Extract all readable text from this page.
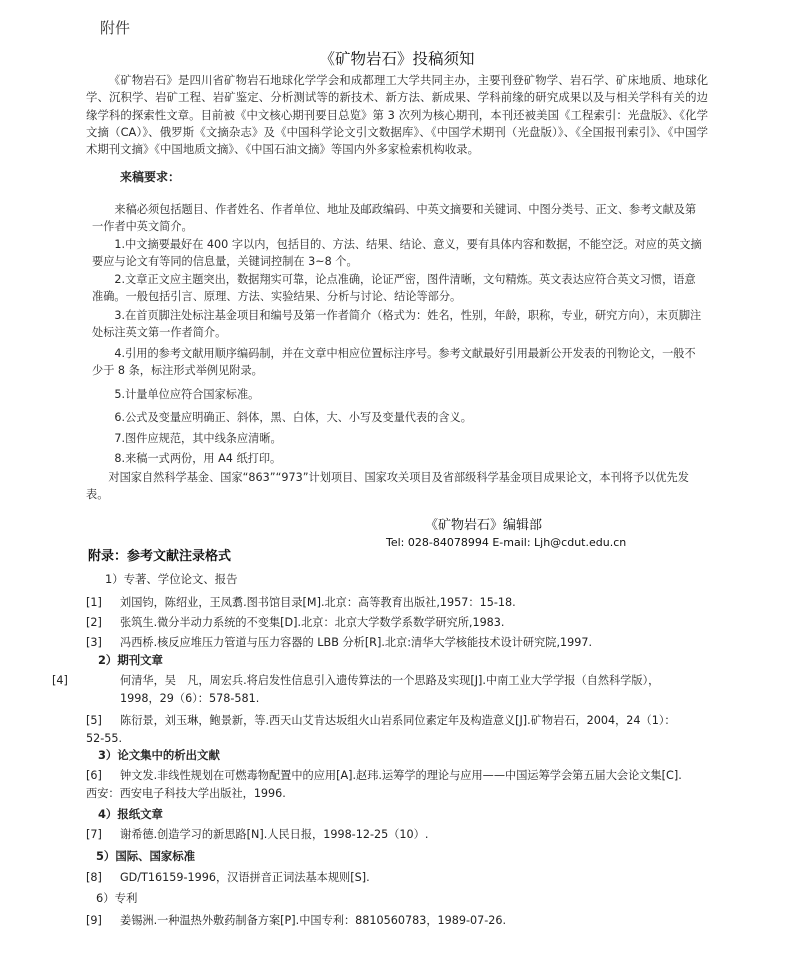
附件
《矿物岩石》投稿须知
《矿物岩石》是四川省矿物岩石地球化学学会和成都理工大学共同主办，主要刊登矿物学、岩石学、矿床地质、地球化学、沉积学、岩矿工程、岩矿鉴定、分析测试等的新技术、新方法、新成果、学科前缘的研究成果以及与相关学科有关的边缘学科的探索性文章。目前被《中文核心期刊要目总览》第 3 次列为核心期刊，本刊还被美国《工程索引：光盘版》、《化学文摘（CA）》、俄罗斯《文摘杂志》及《中国科学论文引文数据库》、《中国学术期刊（光盘版）》、《全国报刊索引》、《中国学术期刊文摘》《中国地质文摘》、《中国石油文摘》等国内外多家检索机构收录。
来稿要求：
来稿必须包括题目、作者姓名、作者单位、地址及邮政编码、中英文摘要和关键词、中图分类号、正文、参考文献及第一作者中英文简介。
1.中文摘要最好在 400 字以内，包括目的、方法、结果、结论、意义，要有具体内容和数据，不能空泛。对应的英文摘要应与论文有等同的信息量，关键词控制在 3~8 个。
2.文章正文应主题突出，数据翔实可靠，论点准确，论证严密，图件清晰，文句精炼。英文表达应符合英文习惯，语意准确。一般包括引言、原理、方法、实验结果、分析与讨论、结论等部分。
3.在首页脚注处标注基金项目和编号及第一作者简介（格式为：姓名，性别，年龄，职称，专业，研究方向），末页脚注处标注英文第一作者简介。
4.引用的参考文献用顺序编码制，并在文章中相应位置标注序号。参考文献最好引用最新公开发表的刊物论文，一般不少于 8 条，标注形式举例见附录。
5.计量单位应符合国家标准。
6.公式及变量应明确正、斜体，黑、白体，大、小写及变量代表的含义。
7.图件应规范，其中线条应清晰。
8.来稿一式两份，用 A4 纸打印。
对国家自然科学基金、国家“863”“973”计划项目、国家攻关项目及省部级科学基金项目成果论文，本刊将予以优先发表。
《矿物岩石》编辑部
Tel: 028-84078994 E-mail: Ljh@cdut.edu.cn
附录：参考文献注录格式
1）专著、学位论文、报告
[1] 刘国钧，陈绍业，王凤翥.图书馆目录[M].北京：高等教育出版社,1957：15-18.
[2] 张筑生.微分半动力系统的不变集[D].北京：北京大学数学系数学研究所,1983.
[3] 冯西桥.核反应堆压力管道与压力容器的 LBB 分析[R].北京:清华大学核能技术设计研究院,1997.
2）期刊文章
[4]	何清华，吴　凡，周宏兵.将启发性信息引入遗传算法的一个思路及实现[J].中南工业大学学报（自然科学版），1998，29（6）：578-581.
[5] 陈衍景，刘玉琳，鲍景新，等.西天山艾肯达坂组火山岩系同位素定年及构造意义[J].矿物岩石，2004，24（1）：52-55.
3）论文集中的析出文献
[6] 钟文发.非线性规划在可燃毒物配置中的应用[A].赵玮.运筹学的理论与应用——中国运筹学会第五届大会论文集[C].西安：西安电子科技大学出版社，1996.
4）报纸文章
[7] 谢希德.创造学习的新思路[N].人民日报，1998-12-25（10）.
5）国际、国家标准
[8] GD/T16159-1996，汉语拼音正词法基本规则[S].
6）专利
[9] 姜锡洲.一种温热外敷药制备方案[P].中国专利：8810560783，1989-07-26.
